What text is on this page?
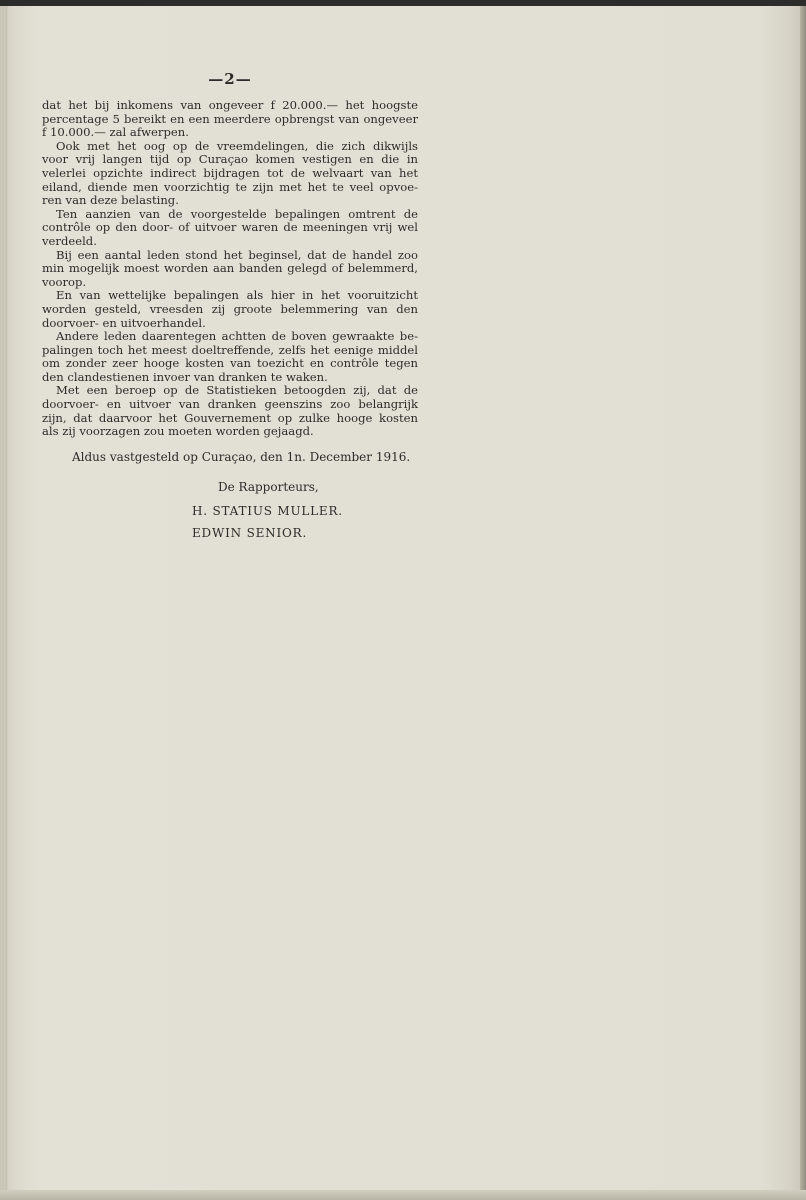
—2—

dat het bij inkomens van ongeveer f 20.000.— het hoogste
percentage 5 bereikt en een meerdere opbrengst van ongeveer
f 10.000.— zal afwerpen.

Ook met het oog op de vreemdelingen, die zich dikwijls
voor vrij langen tijd op Curaçao komen vestigen en die in
velerlei opzichte indirect bijdragen tot de welvaart van het
eiland, diende men voorzichtig te zijn met het te veel opvoe-
ren van deze belasting.

Ten aanzien van de voorgestelde bepalingen omtrent de
contrôle op den door- of uitvoer waren de meeningen vrij wel
verdeeld.

Bij een aantal leden stond het beginsel, dat de handel zoo
min mogelijk moest worden aan banden gelegd of belemmerd,
voorop.

En van wettelijke bepalingen als hier in het vooruitzicht
worden gesteld, vreesden zij groote belemmering van den
doorvoer- en uitvoerhandel.

Andere leden daarentegen achtten de boven gewraakte be-
palingen toch het meest doeltreffende, zelfs het eenige middel
om zonder zeer hooge kosten van toezicht en contrôle tegen
den clandestienen invoer van dranken te waken.

Met een beroep op de Statistieken betoogden zij, dat de
doorvoer- en uitvoer van dranken geenszins zoo belangrijk
zijn, dat daarvoor het Gouvernement op zulke hooge kosten
als zij voorzagen zou moeten worden gejaagd.

Aldus vastgesteld op Curaçao, den 1n. December 1916.
De Rapporteurs,
H. STATIUS MULLER.
EDWIN SENIOR.
